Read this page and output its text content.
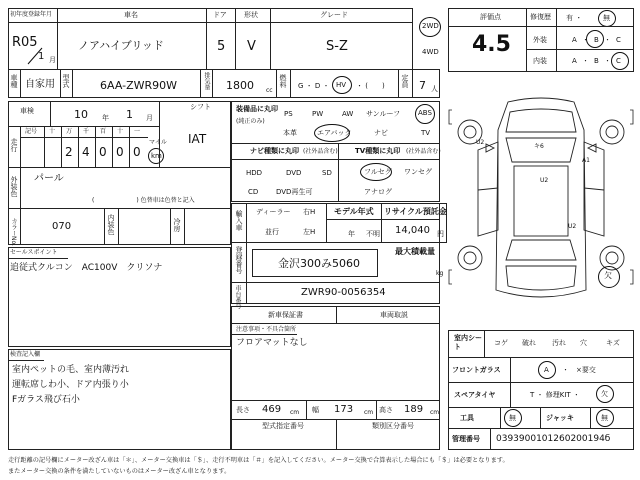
初年度登録年月
R05
1 月
車名
ノアハイブリッド
ドア
5
形状
V
グレード
S-Z
2WD
4WD
車種 自家用 型式	6AA-ZWR90W	排気量 1800 cc
燃料 G ・ D ・ HV ・ (　　) 定員 7 人
車検	10 年 1 月
走行
記号 十 万
2
千
4
百
0
十
0
一
0
マイル
km
シフト
IAT
外装色 パール
(　　　　　　　) 色替車は色替と記入
カラーNo.	070	内装色	冷房
セールスポイント
追従式クルコン　AC100V　クリソナ
装備品に丸印
(純正のみ)
PS	PW	AW サンルーフ	ABS
本革	エアバック	ナビ	TV
ナビ種類に丸印 (社外品含む)
HDD	DVD	SD
CD	DVD再生可
TV種類に丸印 (社外品含む)
フルセグ ワンセグ
アナログ
輸入車 ディーラー
並行
右H
左H
モデル年式
年 不明
リサイクル預託金
14,040 円
登録番号	金沢300み5060
最大積載量
kg
車台番号	ZWR90-0056354
新車保証書	車両取説
注意事項・不具合箇所
フロアマットなし
検査記入欄
室内ペットの毛、室内薄汚れ
運転席しわ小、ドア内張り小
Fガラス飛び石小
長さ 469 cm 幅 173 cm 高さ 189 cm
型式指定番号	類別区分番号
評価点
4.5
修復歴 有 ・	無
外装	A ・ B ・ C
内装	A ・ B ・ C
U2
キ6
A1
U2
U2
欠
室内シート
コゲ 破れ 汚れ 穴	キズ
フロントガラス	A ・　×要交
スペアタイヤ	T ・ 修理KIT ・	欠
工具	無	ジャッキ	無
管理番号 0393900101260200194б
走行距離の記号欄にメーター改ざん車は「＊」、メーター交換車は「＄」、走行不明車は「＃」を記入してください。メーター交換で合算表示した場合にも「＄」は必要となります。
またメーター交換の条件を満たしていないものはメーター改ざん車となります。
